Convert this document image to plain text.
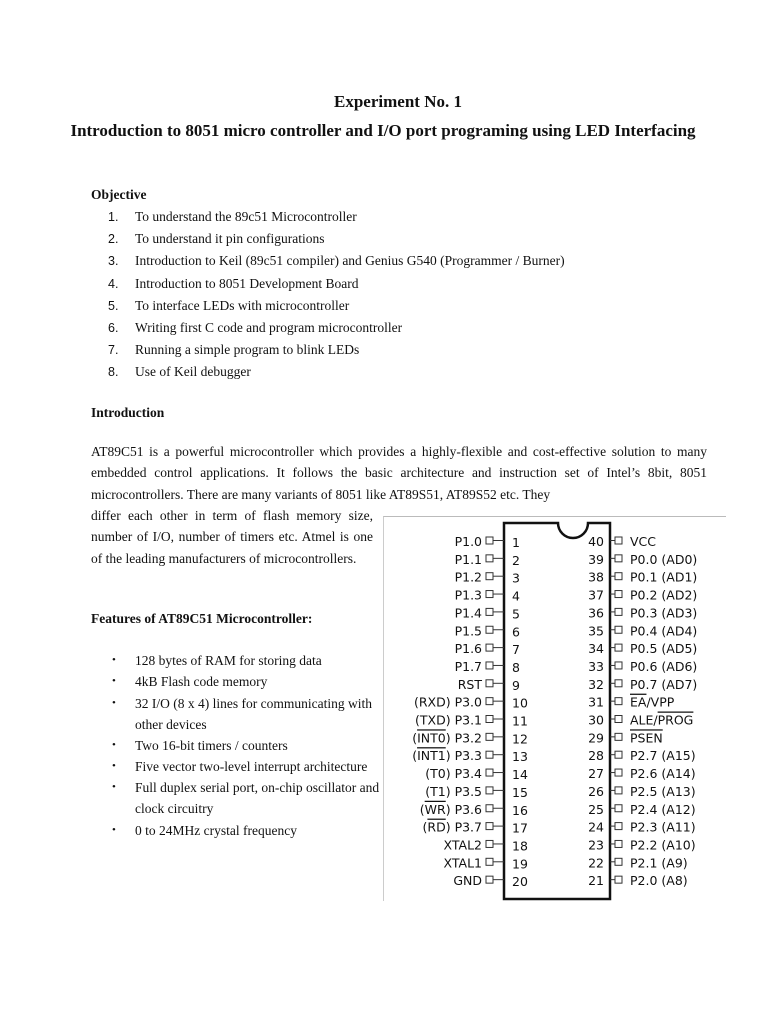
Experiment No. 1
Introduction to 8051 micro controller and I/O port programing using LED Interfacing
Objective
1. To understand the 89c51 Microcontroller
2. To understand it pin configurations
3. Introduction to Keil (89c51 compiler) and Genius G540 (Programmer / Burner)
4. Introduction to 8051 Development Board
5. To interface LEDs with microcontroller
6. Writing first C code and program microcontroller
7. Running a simple program to blink LEDs
8. Use of Keil debugger
Introduction
AT89C51 is a powerful microcontroller which provides a highly-flexible and cost-effective solution to many embedded control applications. It follows the basic architecture and instruction set of Intel’s 8bit, 8051 microcontrollers. There are many variants of 8051 like AT89S51, AT89S52 etc. They
differ each other in term of flash memory size, number of I/O, number of timers etc. Atmel is one of the leading manufacturers of microcontrollers.
Features of AT89C51 Microcontroller:
• 128 bytes of RAM for storing data
• 4kB Flash code memory
• 32 I/O (8 x 4) lines for communicating with other devices
• Two 16-bit timers / counters
• Five vector two-level interrupt architecture
• Full duplex serial port, on-chip oscillator and clock circuitry
• 0 to 24MHz crystal frequency
P1.0 1
P1.1 2
P1.2 3
P1.3 4
P1.4 5
P1.5 6
P1.6 7
P1.7 8
RST 9
(RXD) P3.0 10
(TXD) P3.1 11
(INT0) P3.2 12
(INT1) P3.3 13
(T0) P3.4 14
(T1) P3.5 15
(WR) P3.6 16
(RD) P3.7 17
XTAL2 18
XTAL1 19
GND 20
40 VCC
39 P0.0 (AD0)
38 P0.1 (AD1)
37 P0.2 (AD2)
36 P0.3 (AD3)
35 P0.4 (AD4)
34 P0.5 (AD5)
33 P0.6 (AD6)
32 P0.7 (AD7)
31 EA/VPP
30 ALE/PROG
29 PSEN
28 P2.7 (A15)
27 P2.6 (A14)
26 P2.5 (A13)
25 P2.4 (A12)
24 P2.3 (A11)
23 P2.2 (A10)
22 P2.1 (A9)
21 P2.0 (A8)
